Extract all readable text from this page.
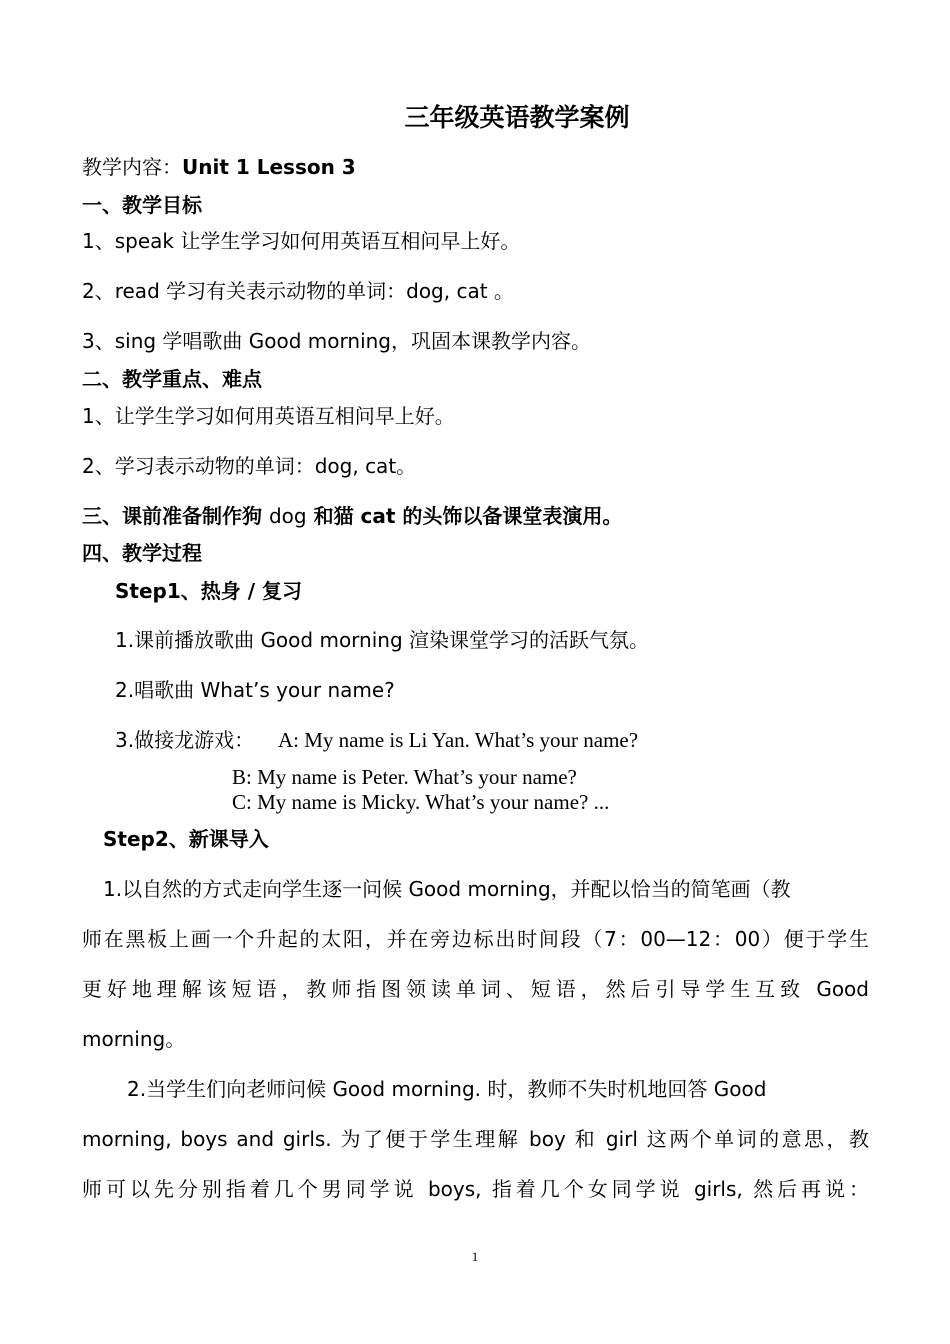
三年级英语教学案例
教学内容：Unit 1 Lesson 3
一、教学目标
1、speak 让学生学习如何用英语互相问早上好。
2、read 学习有关表示动物的单词：dog, cat 。
3、sing 学唱歌曲 Good morning，巩固本课教学内容。
二、教学重点、难点
1、让学生学习如何用英语互相问早上好。
2、学习表示动物的单词：dog, cat。
三、课前准备制作狗 dog 和猫 cat 的头饰以备课堂表演用。
四、教学过程
Step1、热身 / 复习
1.课前播放歌曲 Good morning 渲染课堂学习的活跃气氛。
2.唱歌曲 What’s your name?
3.做接龙游戏： A: My name is Li Yan. What’s your name?
B: My name is Peter. What’s your name?
C: My name is Micky. What’s your name? ...
Step2、新课导入
1.以自然的方式走向学生逐一问候 Good morning，并配以恰当的简笔画（教
师在黑板上画一个升起的太阳，并在旁边标出时间段（7：00—12：00）便于学生
更好地理解该短语，教师指图领读单词、短语，然后引导学生互致 Good
morning。
2.当学生们向老师问候 Good morning. 时，教师不失时机地回答 Good
morning, boys and girls. 为了便于学生理解 boy 和 girl 这两个单词的意思，教
师可以先分别指着几个男同学说 boys, 指着几个女同学说 girls, 然后再说：
1
